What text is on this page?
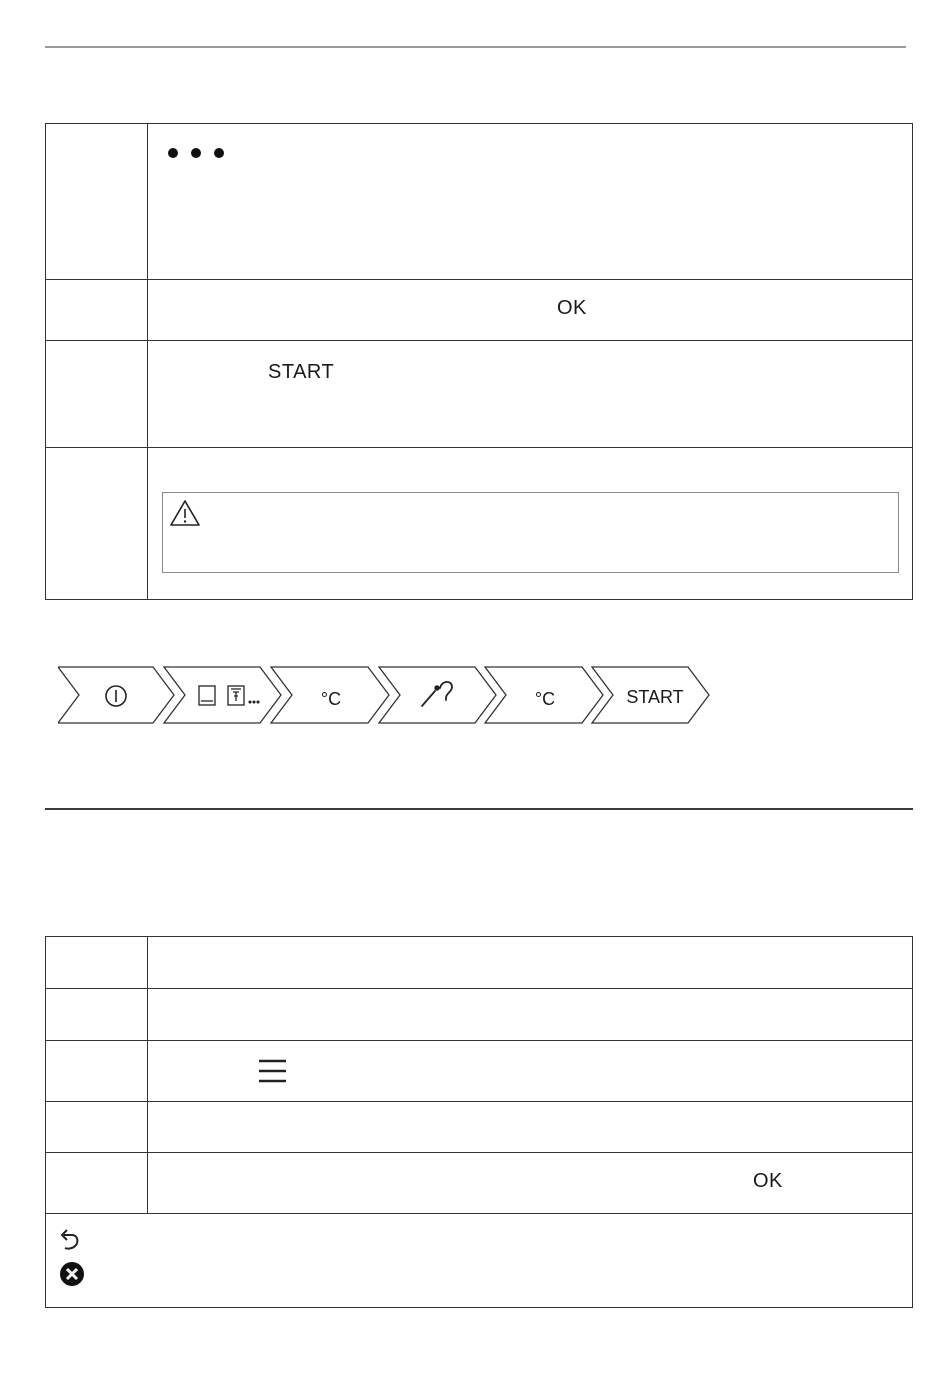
	OK

	START

°C	°C	START

	OK
